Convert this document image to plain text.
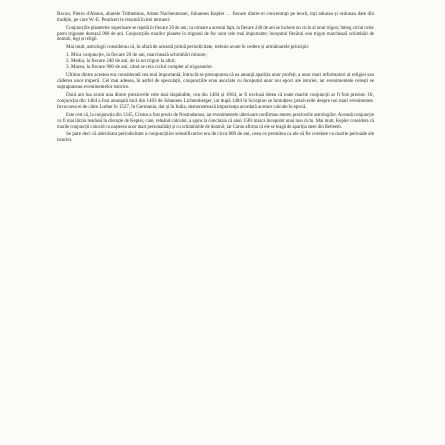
Bacon, Pietro d'Abano, abatele Trithemius, Adam Nachenmoser, Johannes Kepler … fiecare dintre ei concentrați pe teorii, toți adunau și ordonau date din tradiție, pe care W.-E. Peuckert le rezumă în trei termeni:

Conjuncțiile planetelor superioare se repetă în fiecare 20 de ani; ca urmare a acestui fapt, la fiecare 240 de ani se încheie un ciclu al unui trigon; întreg ciclul celor patru trigoane durează 960 de ani. Conjuncțiile marilor planete în trigonul de foc sunt cele mai importante; începutul fiecărui nou trigon marchează schimbări de domnii, legi și religii.

Mai mult, astrologii considerau că, în afară de această primă periodicitate, trebuie avute în vedere și următoarele principii:

1. Mica conjuncție, la fiecare 20 de ani, marchează schimbări minore;
2. Media, la fiecare 240 de ani, de la un trigon la altul;
3. Marea, la fiecare 960 de ani, când se reia ciclul complet al trigoanelor.

Ultima dintre acestea era considerată cea mai importantă, întrucât se presupunea că ea anunță apariția unor profeți, a unor mari reformatori ai religiei sau căderea unor imperii. Cel mai adesea, în astfel de speculații, conjuncțiile erau asociate cu începutul unor noi epoci ale istoriei, iar evenimentele cerești se suprapuneau evenimentelor istorice.

Dacă am lua acum una dintre prezicerile cele mai răspândite, cea din 1484 și 1604, ar fi exclusă ideea că toate marile conjuncții ar fi fost prezise. Or, conjuncția din 1484 a fost anunțată încă din 1463 de Johannes Lichtenberger, iar după 1484 în Scorpion se înmulțesc prezicerile despre noi mari evenimente. Invocarea ei de către Luther în 1527, în Germania, dar și în Italia, demonstrează importanța acordată acestor calcule în epocă.

Este cert că, la conjuncția din 1345, Cristos a fost prezis de Nostradamus, iar evenimentele ulterioare confirmau mereu prezicerile astrologilor. Această conjuncție va fi mai târziu readusă în discuție de Kepler, care, reluând calculul, a ajuns la concluzia că anul 1583 marca începutul unui nou ciclu. Mai mult, Kepler considera că marile conjuncții coincid cu nașterea unor mari personalități și cu schimbările de domnii; iar Caron afirma că ele se leagă de apariția steei din Betleem.

Se pare deci că adevărata periodicitate a conjuncțiilor semnificative era de circa 800 de ani, ceea ce permitea ca ele să fie corelate cu marile perioade ale istoriei.
